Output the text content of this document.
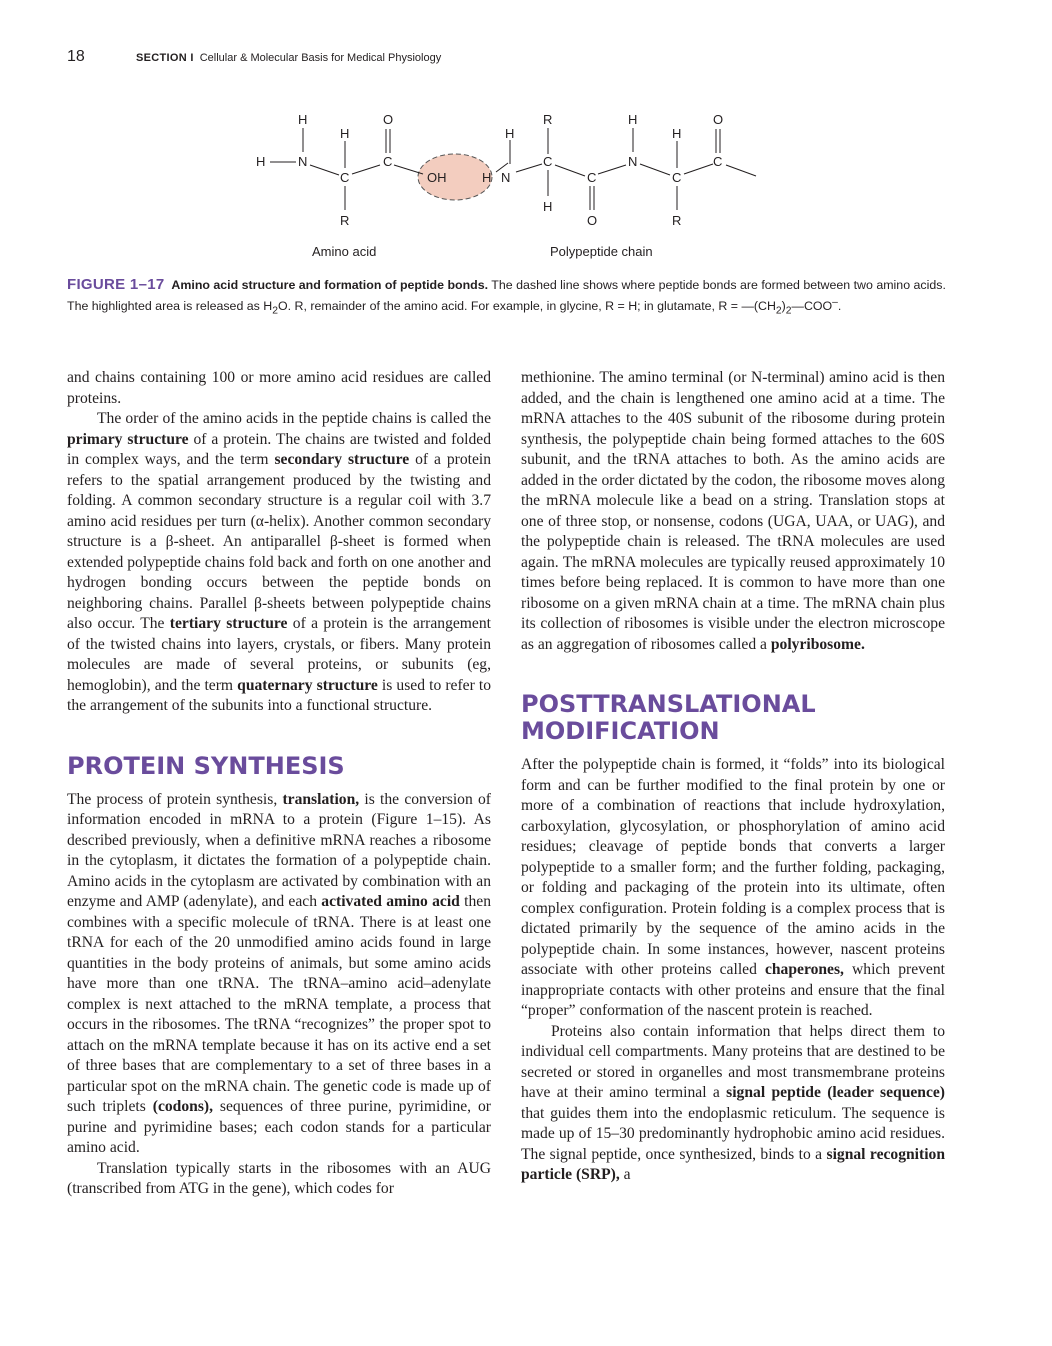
18	SECTION I Cellular & Molecular Basis for Medical Physiology
H
H
N
H
C
R
O
C
OH	H N
H
R
C
H
C
O
H
N
H
C
R
O
C
Amino acid	Polypeptide chain
FIGURE 1–17 Amino acid structure and formation of peptide bonds. The dashed line shows where peptide bonds are formed between two amino acids. The highlighted area is released as $H_2O$. R, remainder of the amino acid. For example, in glycine, R = H; in glutamate, $R = —(CH_2)_2—COO^-$.

and chains containing 100 or more amino acid residues are called proteins.

The order of the amino acids in the peptide chains is called the primary structure of a protein. The chains are twisted and folded in complex ways, and the term secondary structure of a protein refers to the spatial arrangement produced by the twisting and folding. A common secondary structure is a regular coil with 3.7 amino acid residues per turn (α-helix). Another common secondary structure is a β-sheet. An antiparallel β-sheet is formed when extended polypeptide chains fold back and forth on one another and hydrogen bonding occurs between the peptide bonds on neighboring chains. Parallel β-sheets between polypeptide chains also occur. The tertiary structure of a protein is the arrangement of the twisted chains into layers, crystals, or fibers. Many protein molecules are made of several proteins, or subunits (eg, hemoglobin), and the term quaternary structure is used to refer to the arrangement of the subunits into a functional structure.

PROTEIN SYNTHESIS

The process of protein synthesis, translation, is the conversion of information encoded in mRNA to a protein (Figure 1–15). As described previously, when a definitive mRNA reaches a ribosome in the cytoplasm, it dictates the formation of a polypeptide chain. Amino acids in the cytoplasm are activated by combination with an enzyme and AMP (adenylate), and each activated amino acid then combines with a specific molecule of tRNA. There is at least one tRNA for each of the 20 unmodified amino acids found in large quantities in the body proteins of animals, but some amino acids have more than one tRNA. The tRNA–amino acid–adenylate complex is next attached to the mRNA template, a process that occurs in the ribosomes. The tRNA “recognizes” the proper spot to attach on the mRNA template because it has on its active end a set of three bases that are complementary to a set of three bases in a particular spot on the mRNA chain. The genetic code is made up of such triplets (codons), sequences of three purine, pyrimidine, or purine and pyrimidine bases; each codon stands for a particular amino acid.

Translation typically starts in the ribosomes with an AUG (transcribed from ATG in the gene), which codes for

methionine. The amino terminal (or N-terminal) amino acid is then added, and the chain is lengthened one amino acid at a time. The mRNA attaches to the 40S subunit of the ribosome during protein synthesis, the polypeptide chain being formed attaches to the 60S subunit, and the tRNA attaches to both. As the amino acids are added in the order dictated by the codon, the ribosome moves along the mRNA molecule like a bead on a string. Translation stops at one of three stop, or nonsense, codons (UGA, UAA, or UAG), and the polypeptide chain is released. The tRNA molecules are used again. The mRNA molecules are typically reused approximately 10 times before being replaced. It is common to have more than one ribosome on a given mRNA chain at a time. The mRNA chain plus its collection of ribosomes is visible under the electron microscope as an aggregation of ribosomes called a polyribosome.

POSTTRANSLATIONAL
MODIFICATION

After the polypeptide chain is formed, it “folds” into its biological form and can be further modified to the final protein by one or more of a combination of reactions that include hydroxylation, carboxylation, glycosylation, or phosphorylation of amino acid residues; cleavage of peptide bonds that converts a larger polypeptide to a smaller form; and the further folding, packaging, or folding and packaging of the protein into its ultimate, often complex configuration. Protein folding is a complex process that is dictated primarily by the sequence of the amino acids in the polypeptide chain. In some instances, however, nascent proteins associate with other proteins called chaperones, which prevent inappropriate contacts with other proteins and ensure that the final “proper” conformation of the nascent protein is reached.

Proteins also contain information that helps direct them to individual cell compartments. Many proteins that are destined to be secreted or stored in organelles and most transmembrane proteins have at their amino terminal a signal peptide (leader sequence) that guides them into the endoplasmic reticulum. The sequence is made up of 15–30 predominantly hydrophobic amino acid residues. The signal peptide, once synthesized, binds to a signal recognition particle (SRP), a
